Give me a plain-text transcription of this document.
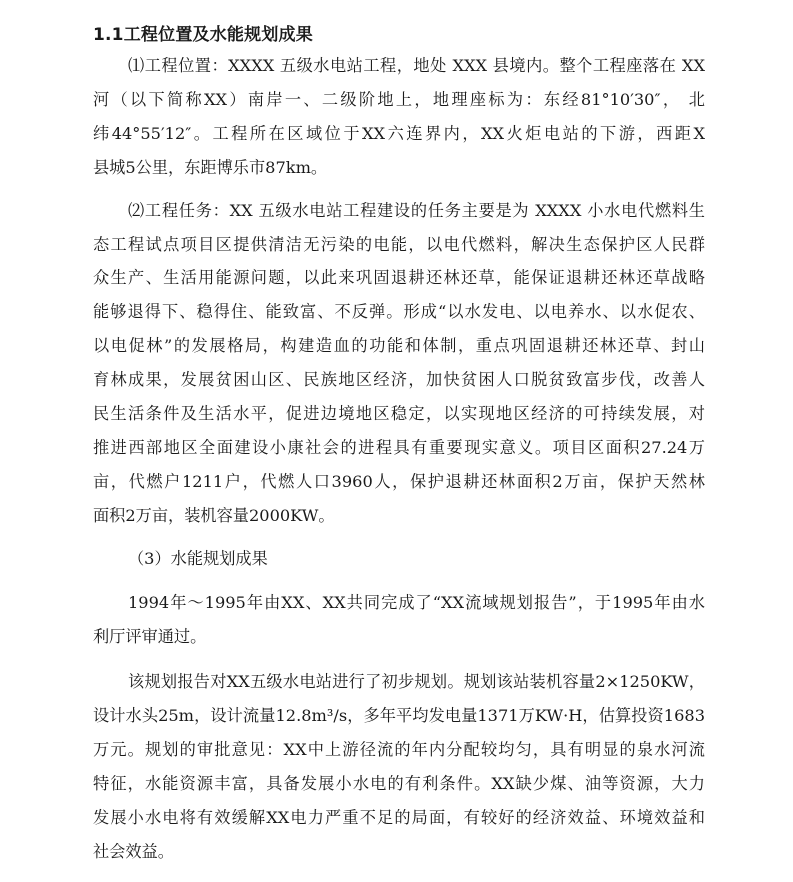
1.1工程位置及水能规划成果
⑴工程位置：XXXX 五级水电站工程，地处 XXX 县境内。整个工程座落在 XX
河（以下简称XX）南岸一、二级阶地上，地理座标为：东经81°10′30″， 北
纬44°55′12″。工程所在区域位于XX六连界内，XX火炬电站的下游，西距X
县城5公里，东距博乐市87km。
⑵工程任务：XX 五级水电站工程建设的任务主要是为 XXXX 小水电代燃料生
态工程试点项目区提供清洁无污染的电能，以电代燃料，解决生态保护区人民群
众生产、生活用能源问题，以此来巩固退耕还林还草，能保证退耕还林还草战略
能够退得下、稳得住、能致富、不反弹。形成“以水发电、以电养水、以水促农、
以电促林”的发展格局，构建造血的功能和体制，重点巩固退耕还林还草、封山
育林成果，发展贫困山区、民族地区经济，加快贫困人口脱贫致富步伐，改善人
民生活条件及生活水平，促进边境地区稳定，以实现地区经济的可持续发展，对
推进西部地区全面建设小康社会的进程具有重要现实意义。项目区面积27.24万
亩，代燃户1211户，代燃人口3960人，保护退耕还林面积2万亩，保护天然林
面积2万亩，装机容量2000KW。
（3）水能规划成果
1994年～1995年由XX、XX共同完成了“XX流域规划报告”，于1995年由水
利厅评审通过。
该规划报告对XX五级水电站进行了初步规划。规划该站装机容量2×1250KW，
设计水头25m，设计流量12.8m³/s，多年平均发电量1371万KW·H，估算投资1683
万元。规划的审批意见：XX中上游径流的年内分配较均匀，具有明显的泉水河流
特征，水能资源丰富，具备发展小水电的有利条件。XX缺少煤、油等资源，大力
发展小水电将有效缓解XX电力严重不足的局面，有较好的经济效益、环境效益和
社会效益。
